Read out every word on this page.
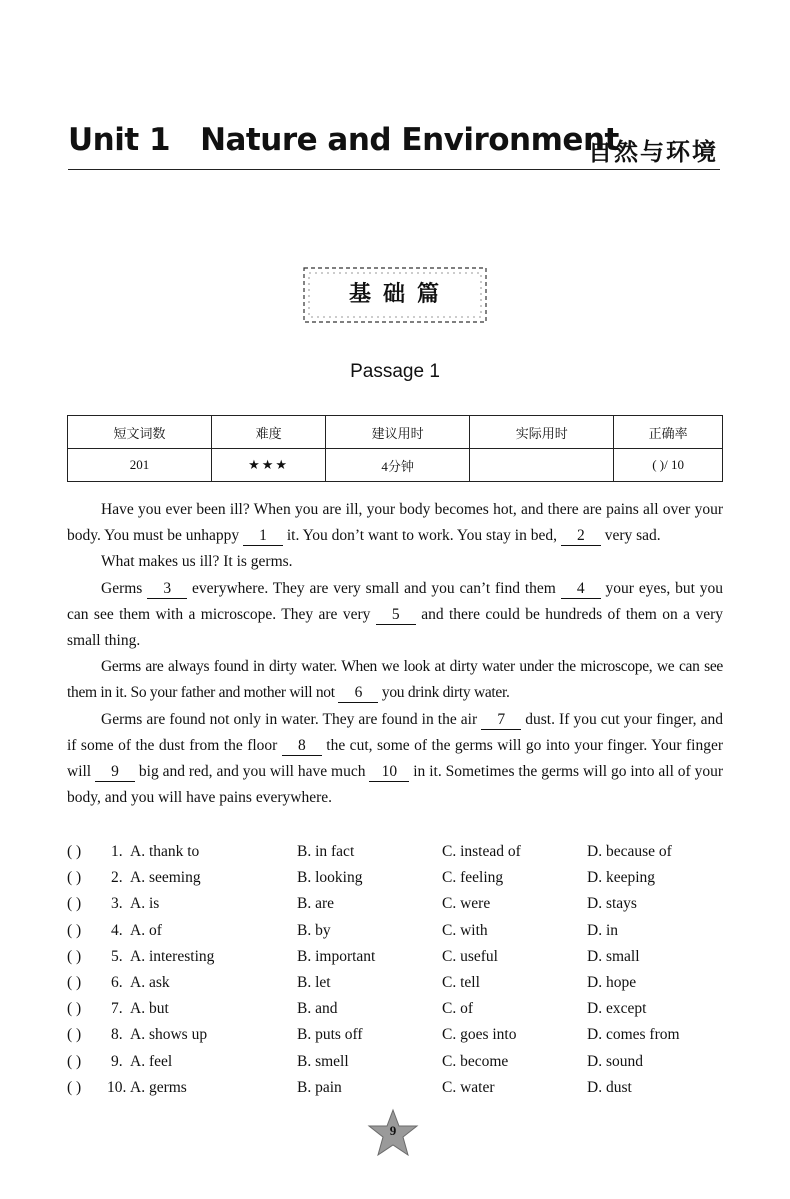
Unit 1 Nature and Environment
自然与环境
基础篇
Passage 1
短文词数	难度	建议用时	实际用时	正确率
201	★★★	4分钟		( )/ 10

Have you ever been ill? When you are ill, your body becomes hot, and there are pains all over your body. You must be unhappy 1 it. You don’t want to work. You stay in bed, 2 very sad.

What makes us ill? It is germs.

Germs 3 everywhere. They are very small and you can’t find them 4 your eyes, but you can see them with a microscope. They are very 5 and there could be hundreds of them on a very small thing.

Germs are always found in dirty water. When we look at dirty water under the microscope, we can see them in it. So your father and mother will not 6 you drink dirty water.

Germs are found not only in water. They are found in the air 7 dust. If you cut your finger, and if some of the dust from the floor 8 the cut, some of the germs will go into your finger. Your finger will 9 big and red, and you will have much 10 in it. Sometimes the germs will go into all of your body, and you will have pains everywhere.

( ) 1. A. thank to	B. in fact	C. instead of	D. because of
( ) 2. A. seeming	B. looking	C. feeling	D. keeping
( ) 3. A. is	B. are	C. were	D. stays
( ) 4. A. of	B. by	C. with	D. in
( ) 5. A. interesting	B. important	C. useful	D. small
( ) 6. A. ask	B. let	C. tell	D. hope
( ) 7. A. but	B. and	C. of	D. except
( ) 8. A. shows up	B. puts off	C. goes into	D. comes from
( ) 9. A. feel	B. smell	C. become	D. sound
( ) 10. A. germs	B. pain	C. water	D. dust
9
